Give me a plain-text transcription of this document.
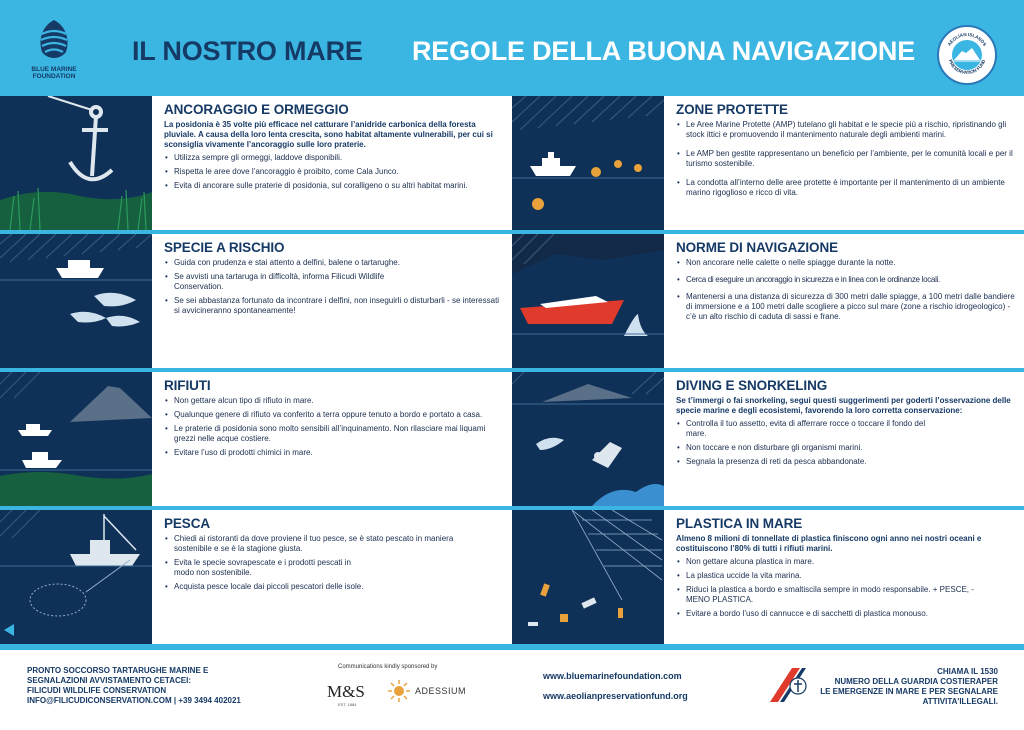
BLUE MARINE
FOUNDATION
IL NOSTRO MARE REGOLE DELLA BUONA NAVIGAZIONE	AEOLIAN ISLANDS
PRESERVATION FUND
ANCORAGGIO E ORMEGGIO
La posidonia è 35 volte più efficace nel catturare l’anidride carbonica della foresta pluviale. A causa della loro lenta crescita, sono habitat altamente vulnerabili, per cui si sconsiglia vivamente l’ancoraggio sulle loro praterie.
• Utilizza sempre gli ormeggi, laddove disponibili.
• Rispetta le aree dove l’ancoraggio è proibito, come Cala Junco.
• Evita di ancorare sulle praterie di posidonia, sul coralligeno o su altri habitat marini.
ZONE PROTETTE
• Le Aree Marine Protette (AMP) tutelano gli habitat e le specie più a rischio, ripristinando gli stock ittici e promuovendo il mantenimento naturale degli ambienti marini.
• Le AMP ben gestite rappresentano un beneficio per l’ambiente, per le comunità locali e per il turismo sostenibile.
• La condotta all’interno delle aree protette è importante per il mantenimento di un ambiente marino rigoglioso e ricco di vita.
SPECIE A RISCHIO
• Guida con prudenza e stai attento a delfini, balene o tartarughe.
• Se avvisti una tartaruga in difficoltà, informa Filicudi Wildlife Conservation.
• Se sei abbastanza fortunato da incontrare i delfini, non inseguirli o disturbarli - se interessati si avvicineranno spontaneamente!
NORME DI NAVIGAZIONE
• Non ancorare nelle calette o nelle spiagge durante la notte.
• Cerca di eseguire un ancoraggio in sicurezza e in linea con le ordinanze locali.
• Mantenersi a una distanza di sicurezza di 300 metri dalle spiagge, a 100 metri dalle bandiere di immersione e a 100 metri dalle scogliere a picco sul mare (zone a rischio idrogeologico) - c’è un alto rischio di caduta di sassi e frane.
RIFIUTI
• Non gettare alcun tipo di rifiuto in mare.
• Qualunque genere di rifiuto va conferito a terra oppure tenuto a bordo e portato a casa.
• Le praterie di posidonia sono molto sensibili all’inquinamento. Non rilasciare mai liquami grezzi nelle acque costiere.
• Evitare l’uso di prodotti chimici in mare.
DIVING E SNORKELING
Se t’immergi o fai snorkeling, segui questi suggerimenti per goderti l’osservazione delle specie marine e degli ecosistemi, favorendo la loro corretta conservazione:
• Controlla il tuo assetto, evita di afferrare rocce o toccare il fondo del mare.
• Non toccare e non disturbare gli organismi marini.
• Segnala la presenza di reti da pesca abbandonate.
PESCA
• Chiedi ai ristoranti da dove proviene il tuo pesce, se è stato pescato in maniera sostenibile e se è la stagione giusta.
• Evita le specie sovrapescate e i prodotti pescati in modo non sostenibile.
• Acquista pesce locale dai piccoli pescatori delle isole.
PLASTICA IN MARE
Almeno 8 milioni di tonnellate di plastica finiscono ogni anno nei nostri oceani e costituiscono l’80% di tutti i rifiuti marini.
• Non gettare alcuna plastica in mare.
• La plastica uccide la vita marina.
• Riduci la plastica a bordo e smaltiscila sempre in modo responsabile. + PESCE, - MENO PLASTICA.
• Evitare a bordo l’uso di cannucce e di sacchetti di plastica monouso.
PRONTO SOCCORSO TARTARUGHE MARINE E
SEGNALAZIONI AVVISTAMENTO CETACEI:
FILICUDI WILDLIFE CONSERVATION
INFO@FILICUDICONSERVATION.COM | +39 3494 402021
Communications kindly sponsored by
M&S
EST. 1884
ADESSIUM
www.bluemarinefoundation.com
www.aeolianpreservationfund.org
CHIAMA IL 1530
NUMERO DELLA GUARDIA COSTIERAPER
LE EMERGENZE IN MARE E PER SEGNALARE
ATTIVITA'ILLEGALI.
